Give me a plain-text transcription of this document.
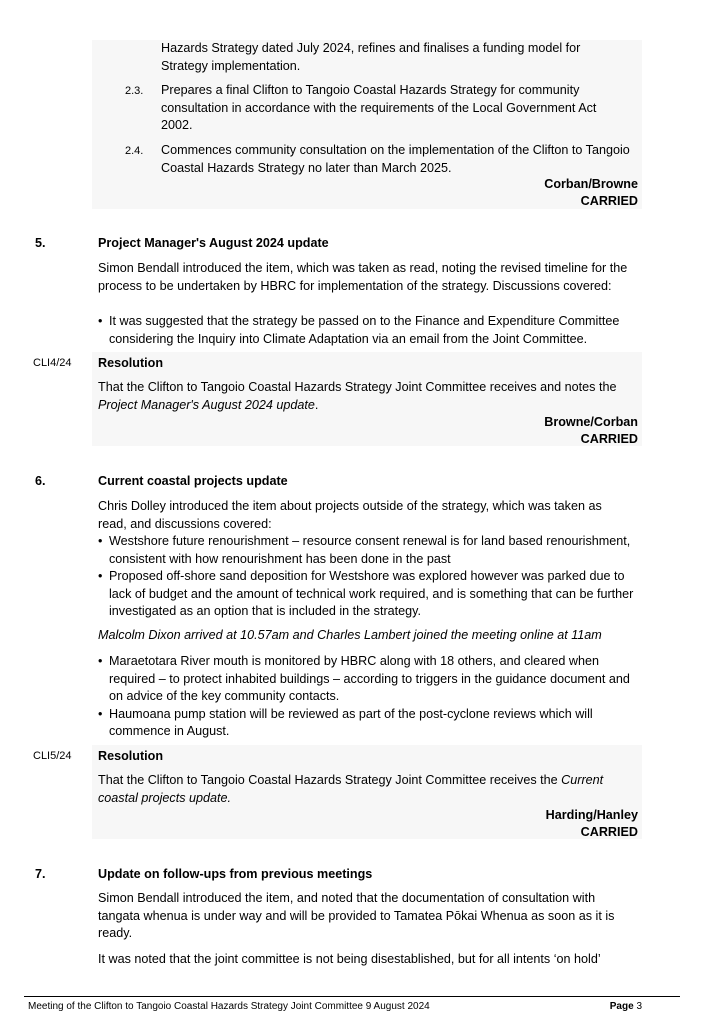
Hazards Strategy dated July 2024, refines and finalises a funding model for Strategy implementation.

2.3. Prepares a final Clifton to Tangoio Coastal Hazards Strategy for community consultation in accordance with the requirements of the Local Government Act 2002.

2.4. Commences community consultation on the implementation of the Clifton to Tangoio Coastal Hazards Strategy no later than March 2025.

Corban/Browne
CARRIED
5.	Project Manager's August 2024 update

Simon Bendall introduced the item, which was taken as read, noting the revised timeline for the process to be undertaken by HBRC for implementation of the strategy. Discussions covered:

• It was suggested that the strategy be passed on to the Finance and Expenditure Committee considering the Inquiry into Climate Adaptation via an email from the Joint Committee.
CLI4/24 Resolution

That the Clifton to Tangoio Coastal Hazards Strategy Joint Committee receives and notes the
Project Manager's August 2024 update.

Browne/Corban
CARRIED
6.	Current coastal projects update

Chris Dolley introduced the item about projects outside of the strategy, which was taken as read, and discussions covered:

• Westshore future renourishment – resource consent renewal is for land based renourishment, consistent with how renourishment has been done in the past
• Proposed off-shore sand deposition for Westshore was explored however was parked due to lack of budget and the amount of technical work required, and is something that can be further investigated as an option that is included in the strategy.

Malcolm Dixon arrived at 10.57am and Charles Lambert joined the meeting online at 11am

• Maraetotara River mouth is monitored by HBRC along with 18 others, and cleared when required – to protect inhabited buildings – according to triggers in the guidance document and on advice of the key community contacts.
• Haumoana pump station will be reviewed as part of the post-cyclone reviews which will commence in August.
CLI5/24 Resolution

That the Clifton to Tangoio Coastal Hazards Strategy Joint Committee receives the Current coastal projects update.

Harding/Hanley
CARRIED
7.	Update on follow-ups from previous meetings

Simon Bendall introduced the item, and noted that the documentation of consultation with tangata whenua is under way and will be provided to Tamatea Pōkai Whenua as soon as it is ready.

It was noted that the joint committee is not being disestablished, but for all intents ‘on hold’

Meeting of the Clifton to Tangoio Coastal Hazards Strategy Joint Committee 9 August 2024	Page 3
